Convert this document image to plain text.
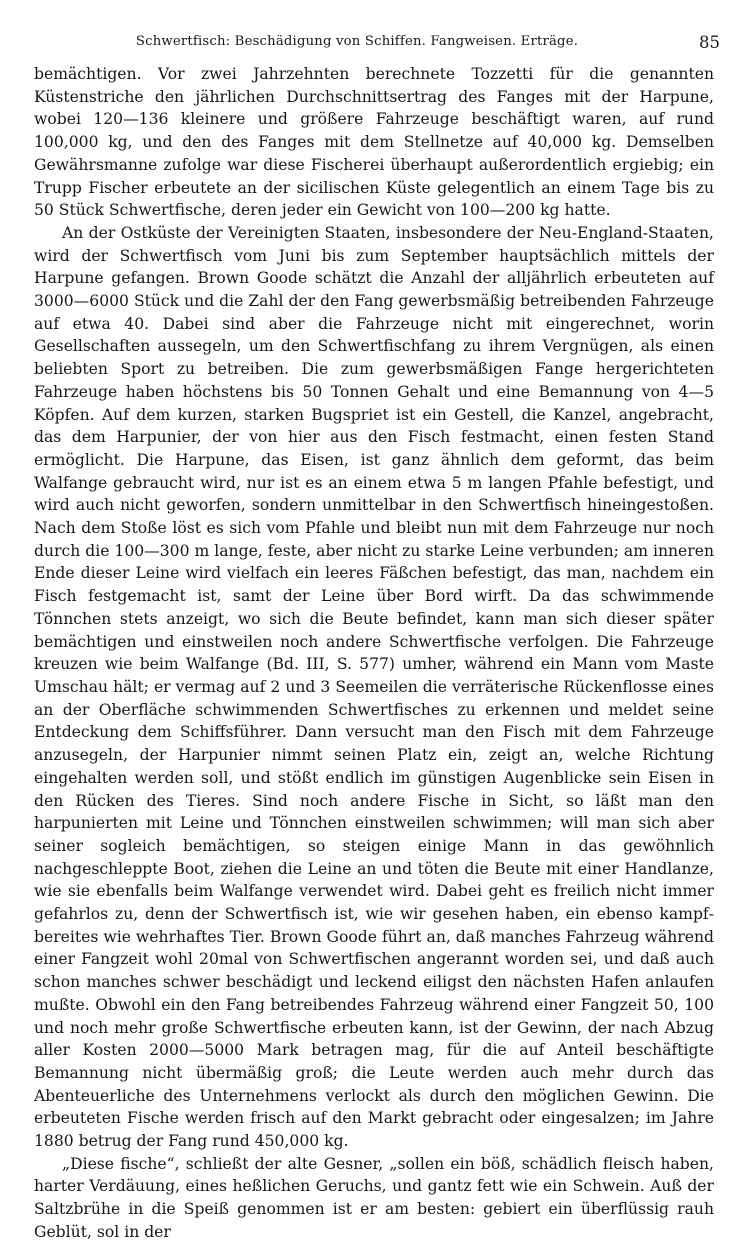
Schwertfisch: Beschädigung von Schiffen. Fangweisen. Erträge.	85

bemächtigen. Vor zwei Jahrzehnten berechnete Tozzetti für die genannten Küstenstriche den jährlichen Durchschnittsertrag des Fanges mit der Harpune, wobei 120—136 kleinere und größere Fahrzeuge beschäftigt waren, auf rund 100,000 kg, und den des Fanges mit dem Stellnetze auf 40,000 kg. Demselben Gewährsmanne zufolge war diese Fischerei überhaupt außerordentlich ergiebig; ein Trupp Fischer erbeutete an der sicilischen Küste gelegentlich an einem Tage bis zu 50 Stück Schwertfische, deren jeder ein Gewicht von 100—200 kg hatte.

An der Ostküste der Vereinigten Staaten, insbesondere der Neu-England-Staaten, wird der Schwertfisch vom Juni bis zum September hauptsächlich mittels der Harpune gefangen. Brown Goode schätzt die Anzahl der alljährlich erbeuteten auf 3000—6000 Stück und die Zahl der den Fang gewerbsmäßig betreibenden Fahrzeuge auf etwa 40. Dabei sind aber die Fahrzeuge nicht mit eingerechnet, worin Gesellschaften aussegeln, um den Schwertfischfang zu ihrem Vergnügen, als einen beliebten Sport zu betreiben. Die zum gewerbsmäßigen Fange hergerichteten Fahrzeuge haben höchstens bis 50 Tonnen Gehalt und eine Bemannung von 4—5 Köpfen. Auf dem kurzen, starken Bugspriet ist ein Gestell, die Kanzel, angebracht, das dem Harpunier, der von hier aus den Fisch festmacht, einen festen Stand ermöglicht. Die Harpune, das Eisen, ist ganz ähnlich dem geformt, das beim Walfange gebraucht wird, nur ist es an einem etwa 5 m langen Pfahle befestigt, und wird auch nicht geworfen, sondern unmittelbar in den Schwertfisch hineingestoßen. Nach dem Stoße löst es sich vom Pfahle und bleibt nun mit dem Fahrzeuge nur noch durch die 100—300 m lange, feste, aber nicht zu starke Leine verbunden; am inneren Ende dieser Leine wird vielfach ein leeres Fäßchen befestigt, das man, nachdem ein Fisch festgemacht ist, samt der Leine über Bord wirft. Da das schwimmende Tönnchen stets anzeigt, wo sich die Beute befindet, kann man sich dieser später bemächtigen und einstweilen noch andere Schwertfische verfolgen. Die Fahrzeuge kreuzen wie beim Walfange (Bd. III, S. 577) umher, während ein Mann vom Maste Umschau hält; er vermag auf 2 und 3 Seemeilen die verräterische Rückenflosse eines an der Oberfläche schwimmenden Schwertfisches zu erkennen und meldet seine Entdeckung dem Schiffsführer. Dann versucht man den Fisch mit dem Fahrzeuge anzusegeln, der Harpunier nimmt seinen Platz ein, zeigt an, welche Richtung eingehalten werden soll, und stößt endlich im günstigen Augenblicke sein Eisen in den Rücken des Tieres. Sind noch andere Fische in Sicht, so läßt man den harpunierten mit Leine und Tönnchen einstweilen schwimmen; will man sich aber seiner sogleich bemächtigen, so steigen einige Mann in das gewöhnlich nachgeschleppte Boot, ziehen die Leine an und töten die Beute mit einer Handlanze, wie sie ebenfalls beim Walfange verwendet wird. Dabei geht es freilich nicht immer gefahrlos zu, denn der Schwertfisch ist, wie wir gesehen haben, ein ebenso kampfbereites wie wehrhaftes Tier. Brown Goode führt an, daß manches Fahrzeug während einer Fangzeit wohl 20mal von Schwertfischen angerannt worden sei, und daß auch schon manches schwer beschädigt und leckend eiligst den nächsten Hafen anlaufen mußte. Obwohl ein den Fang betreibendes Fahrzeug während einer Fangzeit 50, 100 und noch mehr große Schwertfische erbeuten kann, ist der Gewinn, der nach Abzug aller Kosten 2000—5000 Mark betragen mag, für die auf Anteil beschäftigte Bemannung nicht übermäßig groß; die Leute werden auch mehr durch das Abenteuerliche des Unternehmens verlockt als durch den möglichen Gewinn. Die erbeuteten Fische werden frisch auf den Markt gebracht oder eingesalzen; im Jahre 1880 betrug der Fang rund 450,000 kg.

„Diese fische“, schließt der alte Gesner, „sollen ein böß, schädlich fleisch haben, harter Verdäuung, eines heßlichen Geruchs, und gantz fett wie ein Schwein. Auß der Saltzbrühe in die Speiß genommen ist er am besten: gebiert ein überflüssig rauh Geblüt, sol in der
